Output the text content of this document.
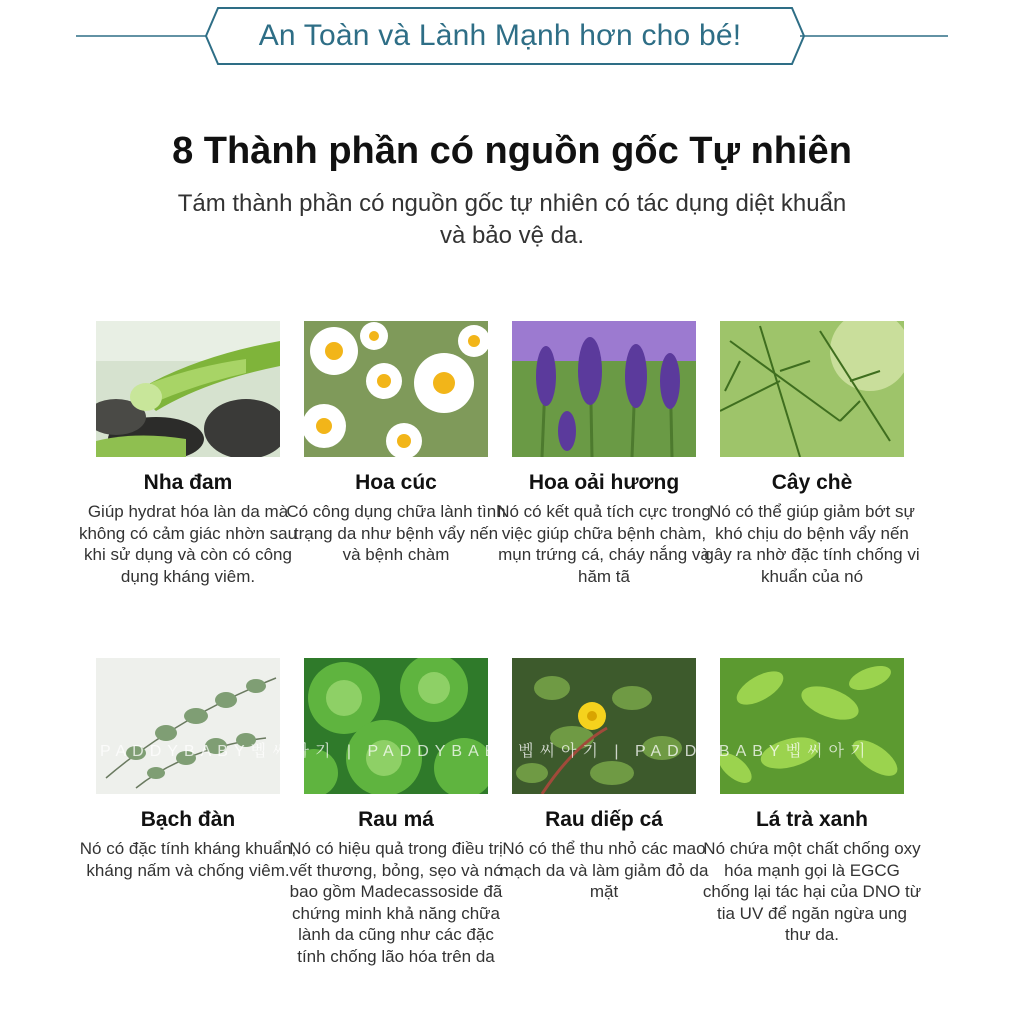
An Toàn và Lành Mạnh hơn cho bé!
8 Thành phần có nguồn gốc Tự nhiên
Tám thành phần có nguồn gốc tự nhiên có tác dụng diệt khuẩn và bảo vệ da.
Nha đam
Giúp hydrat hóa làn da mà không có cảm giác nhờn sau khi sử dụng và còn có công dụng kháng viêm.
Hoa cúc
Có công dụng chữa lành tình trạng da như bệnh vẩy nến và bệnh chàm
Hoa oải hương
Nó có kết quả tích cực trong việc giúp chữa bệnh chàm, mụn trứng cá, cháy nắng và hăm tã
Cây chè
Nó có thể giúp giảm bớt sự khó chịu do bệnh vẩy nến gây ra nhờ đặc tính chống vi khuẩn của nó
Bạch đàn
Nó có đặc tính kháng khuẩn, kháng nấm và chống viêm.
Rau má
Nó có hiệu quả trong điều trị vết thương, bỏng, sẹo và nó bao gồm Madecassoside đã chứng minh khả năng chữa lành da cũng như các đặc tính chống lão hóa trên da
Rau diếp cá
Nó có thể thu nhỏ các mao mạch da và làm giảm đỏ da mặt
Lá trà xanh
Nó chứa một chất chống oxy hóa mạnh gọi là EGCG chống lại tác hại của DNO từ tia UV để ngăn ngừa ung thư da.
PADDYBABY벱씨아기 | PADDYBABY벱씨아기 | PADDYBABY벱씨아기
